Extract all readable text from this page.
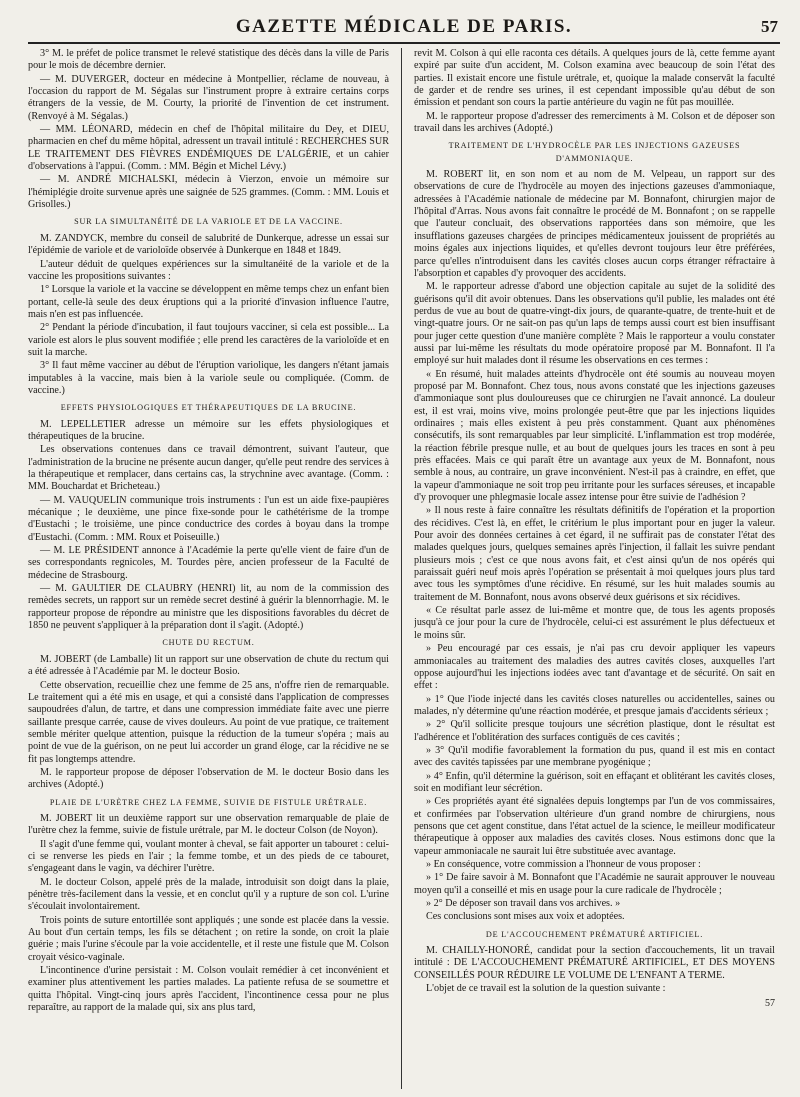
GAZETTE MÉDICALE DE PARIS.	57

3° M. le préfet de police transmet le relevé statistique des décès dans la ville de Paris pour le mois de décembre dernier.

— M. DUVERGER, docteur en médecine à Montpellier, réclame de nouveau, à l'occasion du rapport de M. Ségalas sur l'instrument propre à extraire certains corps étrangers de la vessie, de M. Courty, la priorité de l'invention de cet instrument. (Renvoyé à M. Ségalas.)

— MM. LÉONARD, médecin en chef de l'hôpital militaire du Dey, et DIEU, pharmacien en chef du même hôpital, adressent un travail intitulé : RECHERCHES SUR LE TRAITEMENT DES FIÈVRES ENDÉMIQUES DE L'ALGÉRIE, et un cahier d'observations à l'appui. (Comm. : MM. Bégin et Michel Lévy.)

— M. ANDRÉ MICHALSKI, médecin à Vierzon, envoie un mémoire sur l'hémiplégie droite survenue après une saignée de 525 grammes. (Comm. : MM. Louis et Grisolles.)

SUR LA SIMULTANÉITÉ DE LA VARIOLE ET DE LA VACCINE.

M. ZANDYCK, membre du conseil de salubrité de Dunkerque, adresse un essai sur l'épidémie de variole et de varioloïde observée à Dunkerque en 1848 et 1849.

L'auteur déduit de quelques expériences sur la simultanéité de la variole et de la vaccine les propositions suivantes :

1° Lorsque la variole et la vaccine se développent en même temps chez un enfant bien portant, celle-là seule des deux éruptions qui a la priorité d'invasion influence l'autre, mais n'en est pas influencée.

2° Pendant la période d'incubation, il faut toujours vacciner, si cela est possible... La variole est alors le plus souvent modifiée ; elle prend les caractères de la varioloïde et en suit la marche.

3° Il faut même vacciner au début de l'éruption variolique, les dangers n'étant jamais imputables à la vaccine, mais bien à la variole seule ou compliquée. (Comm. de vaccine.)

EFFETS PHYSIOLOGIQUES ET THÉRAPEUTIQUES DE LA BRUCINE.

M. LEPELLETIER adresse un mémoire sur les effets physiologiques et thérapeutiques de la brucine.

Les observations contenues dans ce travail démontrent, suivant l'auteur, que l'administration de la brucine ne présente aucun danger, qu'elle peut rendre des services à la thérapeutique et remplacer, dans certains cas, la strychnine avec avantage. (Comm. : MM. Bouchardat et Bricheteau.)

— M. VAUQUELIN communique trois instruments : l'un est un aide fixe-paupières mécanique ; le deuxième, une pince fixe-sonde pour le cathétérisme de la trompe d'Eustachi ; le troisième, une pince conductrice des cordes à boyau dans la trompe d'Eustachi. (Comm. : MM. Roux et Poiseuille.)

— M. LE PRÉSIDENT annonce à l'Académie la perte qu'elle vient de faire d'un de ses correspondants regnicoles, M. Tourdes père, ancien professeur de la Faculté de médecine de Strasbourg.

— M. GAULTIER DE CLAUBRY (HENRI) lit, au nom de la commission des remèdes secrets, un rapport sur un remède secret destiné à guérir la blennorrhagie. M. le rapporteur propose de répondre au ministre que les dispositions favorables du décret de 1850 ne peuvent s'appliquer à la préparation dont il s'agit. (Adopté.)

CHUTE DU RECTUM.

M. JOBERT (de Lamballe) lit un rapport sur une observation de chute du rectum qui a été adressée à l'Académie par M. le docteur Bosio.

Cette observation, recueillie chez une femme de 25 ans, n'offre rien de remarquable. Le traitement qui a été mis en usage, et qui a consisté dans l'application de compresses saupoudrées d'alun, de tartre, et dans une compression immédiate faite avec une pierre saillante presque carrée, cause de vives douleurs. Au point de vue pratique, ce traitement semble mériter quelque attention, puisque la réduction de la tumeur s'opéra ; mais au point de vue de la guérison, on ne peut lui accorder un grand éloge, car la récidive ne se fit pas longtemps attendre.

M. le rapporteur propose de déposer l'observation de M. le docteur Bosio dans les archives (Adopté.)

PLAIE DE L'URÈTRE CHEZ LA FEMME, SUIVIE DE FISTULE URÉTRALE.

M. JOBERT lit un deuxième rapport sur une observation remarquable de plaie de l'urètre chez la femme, suivie de fistule urétrale, par M. le docteur Colson (de Noyon).

Il s'agit d'une femme qui, voulant monter à cheval, se fait apporter un tabouret : celui-ci se renverse les pieds en l'air ; la femme tombe, et un des pieds de ce tabouret, s'engageant dans le vagin, va déchirer l'urètre.

M. le docteur Colson, appelé près de la malade, introduisit son doigt dans la plaie, pénètre très-facilement dans la vessie, et en conclut qu'il y a rupture de son col. L'urine s'écoulait involontairement.

Trois points de suture entortillée sont appliqués ; une sonde est placée dans la vessie. Au bout d'un certain temps, les fils se détachent ; on retire la sonde, on croit la plaie guérie ; mais l'urine s'écoule par la voie accidentelle, et il reste une fistule que M. Colson croyait vésico-vaginale.

L'incontinence d'urine persistait : M. Colson voulait remédier à cet inconvénient et examiner plus attentivement les parties malades. La patiente refusa de se soumettre et quitta l'hôpital. Vingt-cinq jours après l'accident, l'incontinence cessa pour ne plus reparaître, au rapport de la malade qui, six ans plus tard,

revit M. Colson à qui elle raconta ces détails. A quelques jours de là, cette femme ayant expiré par suite d'un accident, M. Colson examina avec beaucoup de soin l'état des parties. Il existait encore une fistule urétrale, et, quoique la malade conservât la faculté de garder et de rendre ses urines, il est cependant impossible qu'au début de son émission et pendant son cours la partie antérieure du vagin ne fût pas mouillée.

M. le rapporteur propose d'adresser des remerciments à M. Colson et de déposer son travail dans les archives (Adopté.)

TRAITEMENT DE L'HYDROCÈLE PAR LES INJECTIONS GAZEUSES D'AMMONIAQUE.

M. ROBERT lit, en son nom et au nom de M. Velpeau, un rapport sur des observations de cure de l'hydrocèle au moyen des injections gazeuses d'ammoniaque, adressées à l'Académie nationale de médecine par M. Bonnafont, chirurgien major de l'hôpital d'Arras. Nous avons fait connaître le procédé de M. Bonnafont ; on se rappelle que l'auteur concluait, des observations rapportées dans son mémoire, que les insufflations gazeuses chargées de principes médicamenteux jouissent de propriétés au moins égales aux injections liquides, et qu'elles devront toujours leur être préférées, parce qu'elles n'introduisent dans les cavités closes aucun corps étranger réfractaire à l'absorption et capables d'y provoquer des accidents.

M. le rapporteur adresse d'abord une objection capitale au sujet de la solidité des guérisons qu'il dit avoir obtenues. Dans les observations qu'il publie, les malades ont été perdus de vue au bout de quatre-vingt-dix jours, de quarante-quatre, de trente-huit et de vingt-quatre jours. Or ne sait-on pas qu'un laps de temps aussi court est bien insuffisant pour juger cette question d'une manière complète ? Mais le rapporteur a voulu constater aussi par lui-même les résultats du mode opératoire proposé par M. Bonnafont. Il l'a employé sur huit malades dont il résume les observations en ces termes :

« En résumé, huit malades atteints d'hydrocèle ont été soumis au nouveau moyen proposé par M. Bonnafont. Chez tous, nous avons constaté que les injections gazeuses d'ammoniaque sont plus douloureuses que ce chirurgien ne l'avait annoncé. La douleur est, il est vrai, moins vive, moins prolongée peut-être que par les injections liquides ordinaires ; mais elles existent à peu près constamment. Quant aux phénomènes consécutifs, ils sont remarquables par leur simplicité. L'inflammation est trop modérée, la réaction fébrile presque nulle, et au bout de quelques jours les traces en sont à peu près effacées. Mais ce qui paraît être un avantage aux yeux de M. Bonnafont, nous semble à nous, au contraire, un grave inconvénient. N'est-il pas à craindre, en effet, que la vapeur d'ammoniaque ne soit trop peu irritante pour les surfaces séreuses, et incapable d'y provoquer une phlegmasie locale assez intense pour être suivie de l'adhésion ?

» Il nous reste à faire connaître les résultats définitifs de l'opération et la proportion des récidives. C'est là, en effet, le critérium le plus important pour en juger la valeur. Pour avoir des données certaines à cet égard, il ne suffirait pas de constater l'état des malades quelques jours, quelques semaines après l'injection, il fallait les suivre pendant plusieurs mois ; c'est ce que nous avons fait, et c'est ainsi qu'un de nos opérés qui paraissait guéri neuf mois après l'opération se présentait à moi quelques jours plus tard avec tous les symptômes d'une récidive. En résumé, sur les huit malades soumis au traitement de M. Bonnafont, nous avons observé deux guérisons et six récidives.

« Ce résultat parle assez de lui-même et montre que, de tous les agents proposés jusqu'à ce jour pour la cure de l'hydrocèle, celui-ci est assurément le plus défectueux et le moins sûr.

» Peu encouragé par ces essais, je n'ai pas cru devoir appliquer les vapeurs ammoniacales au traitement des maladies des autres cavités closes, auxquelles l'art oppose aujourd'hui les injections iodées avec tant d'avantage et de sécurité. On sait en effet :

» 1° Que l'iode injecté dans les cavités closes naturelles ou accidentelles, saines ou malades, n'y détermine qu'une réaction modérée, et presque jamais d'accidents sérieux ;

» 2° Qu'il sollicite presque toujours une sécrétion plastique, dont le résultat est l'adhérence et l'oblitération des surfaces contiguës de ces cavités ;

» 3° Qu'il modifie favorablement la formation du pus, quand il est mis en contact avec des cavités tapissées par une membrane pyogénique ;

» 4° Enfin, qu'il détermine la guérison, soit en effaçant et oblitérant les cavités closes, soit en modifiant leur sécrétion.

» Ces propriétés ayant été signalées depuis longtemps par l'un de vos commissaires, et confirmées par l'observation ultérieure d'un grand nombre de chirurgiens, nous pensons que cet agent constitue, dans l'état actuel de la science, le meilleur modificateur thérapeutique à opposer aux maladies des cavités closes. Nous estimons donc que la vapeur ammoniacale ne saurait lui être substituée avec avantage.

» En conséquence, votre commission a l'honneur de vous proposer :

» 1° De faire savoir à M. Bonnafont que l'Académie ne saurait approuver le nouveau moyen qu'il a conseillé et mis en usage pour la cure radicale de l'hydrocèle ;

» 2° De déposer son travail dans vos archives. »

Ces conclusions sont mises aux voix et adoptées.

DE L'ACCOUCHEMENT PRÉMATURÉ ARTIFICIEL.

M. CHAILLY-HONORÉ, candidat pour la section d'accouchements, lit un travail intitulé : DE L'ACCOUCHEMENT PRÉMATURÉ ARTIFICIEL, ET DES MOYENS CONSEILLÉS POUR RÉDUIRE LE VOLUME DE L'ENFANT A TERME.

L'objet de ce travail est la solution de la question suivante :

57
